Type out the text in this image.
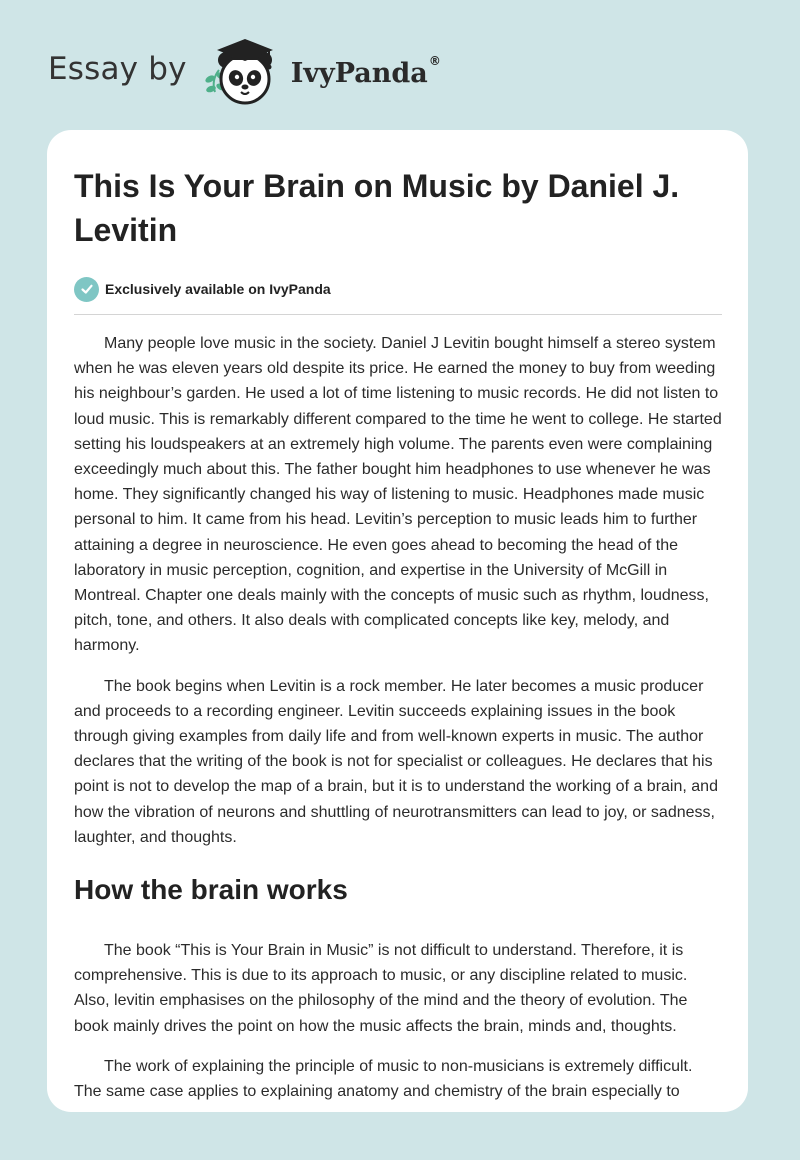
Essay by	IvyPanda ®
This Is Your Brain on Music by Daniel J. Levitin
Exclusively available on IvyPanda

Many people love music in the society. Daniel J Levitin bought himself a stereo system when he was eleven years old despite its price. He earned the money to buy from weeding his neighbour’s garden. He used a lot of time listening to music records. He did not listen to loud music. This is remarkably different compared to the time he went to college. He started setting his loudspeakers at an extremely high volume. The parents even were complaining exceedingly much about this. The father bought him headphones to use whenever he was home. They significantly changed his way of listening to music. Headphones made music personal to him. It came from his head. Levitin’s perception to music leads him to further attaining a degree in neuroscience. He even goes ahead to becoming the head of the laboratory in music perception, cognition, and expertise in the University of McGill in Montreal. Chapter one deals mainly with the concepts of music such as rhythm, loudness, pitch, tone, and others. It also deals with complicated concepts like key, melody, and harmony.

The book begins when Levitin is a rock member. He later becomes a music producer and proceeds to a recording engineer. Levitin succeeds explaining issues in the book through giving examples from daily life and from well-known experts in music. The author declares that the writing of the book is not for specialist or colleagues. He declares that his point is not to develop the map of a brain, but it is to understand the working of a brain, and how the vibration of neurons and shuttling of neurotransmitters can lead to joy, or sadness, laughter, and thoughts.

How the brain works

The book “This is Your Brain in Music” is not difficult to understand. Therefore, it is comprehensive. This is due to its approach to music, or any discipline related to music. Also, levitin emphasises on the philosophy of the mind and the theory of evolution. The book mainly drives the point on how the music affects the brain, minds and, thoughts.

The work of explaining the principle of music to non-musicians is extremely difficult. The same case applies to explaining anatomy and chemistry of the brain especially to
